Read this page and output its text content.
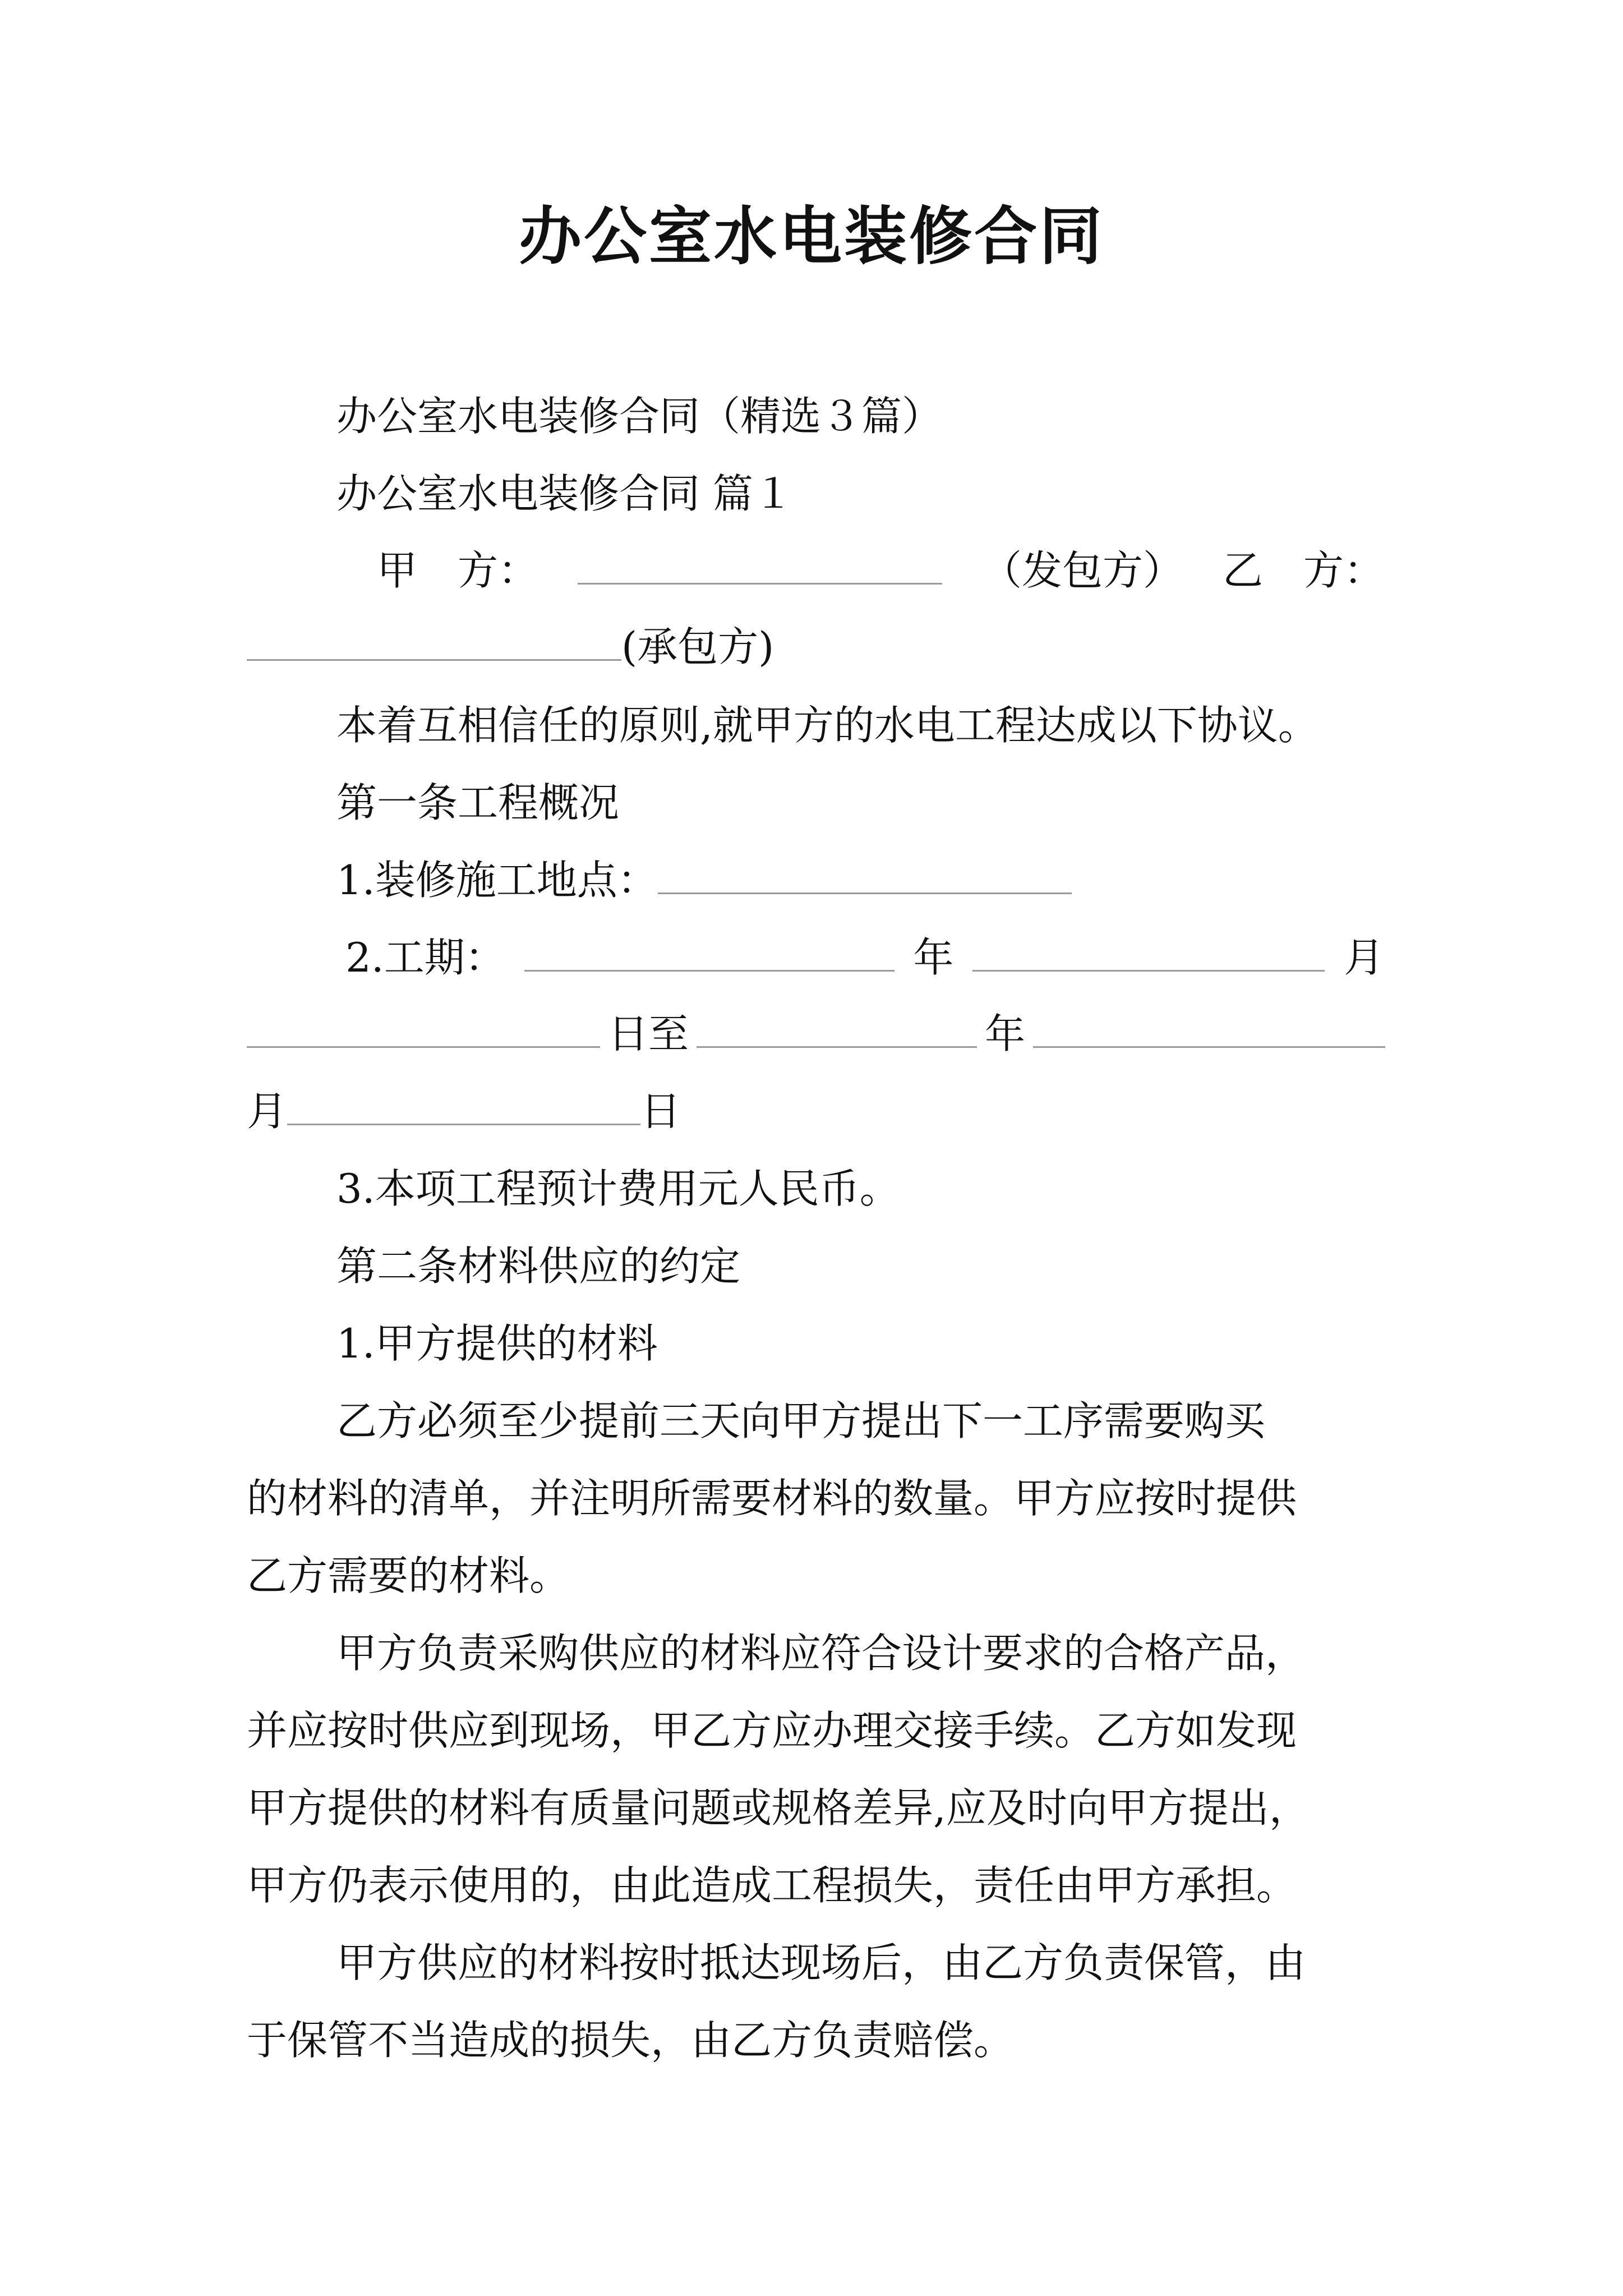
办公室水电装修合同
办公室水电装修合同（精选３篇）
办公室水电装修合同 篇１
甲　方：	（发包方） 乙　方：
(承包方)
本着互相信任的原则,就甲方的水电工程达成以下协议。
第一条工程概况
1.装修施工地点：
2.工期：	年	月
日至	年
月	日
3.本项工程预计费用元人民币。
第二条材料供应的约定
1.甲方提供的材料
乙方必须至少提前三天向甲方提出下一工序需要购买
的材料的清单，并注明所需要材料的数量。甲方应按时提供
乙方需要的材料。
甲方负责采购供应的材料应符合设计要求的合格产品，
并应按时供应到现场，甲乙方应办理交接手续。乙方如发现
甲方提供的材料有质量问题或规格差异,应及时向甲方提出，
甲方仍表示使用的，由此造成工程损失，责任由甲方承担。
甲方供应的材料按时抵达现场后，由乙方负责保管，由
于保管不当造成的损失，由乙方负责赔偿。
